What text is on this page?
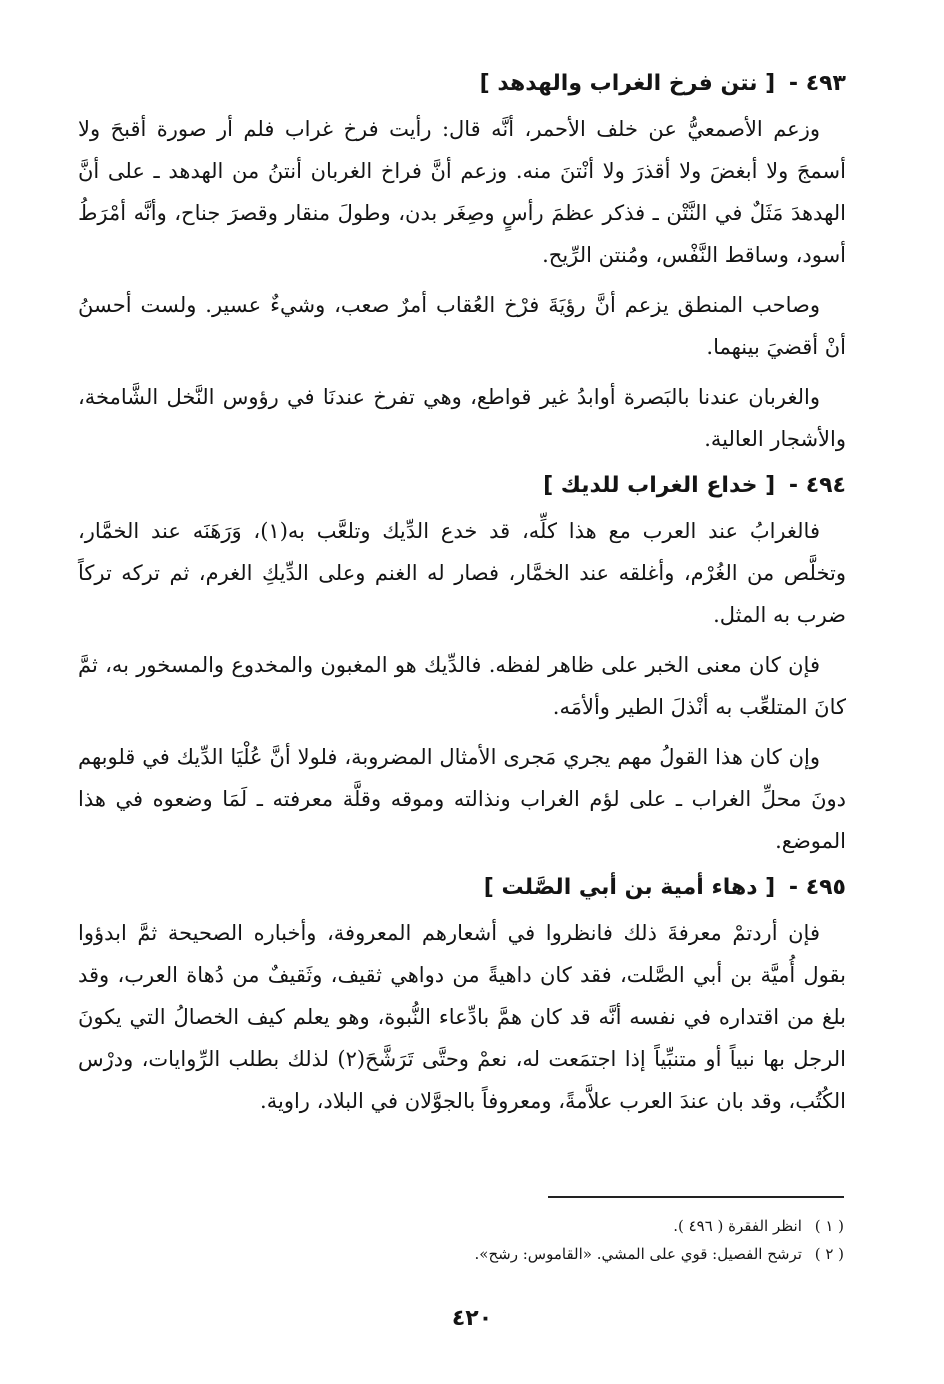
٤٩٣ - [ نتن فرخ الغراب والهدهد ]

وزعم الأصمعيُّ عن خلف الأحمر، أنَّه قال: رأيت فرخ غراب فلم أر صورة أقبحَ ولا أسمجَ ولا أبغضَ ولا أقذرَ ولا أنْتنَ منه. وزعم أنَّ فراخ الغربان أنتنُ من الهدهد ـ على أنَّ الهدهدَ مَثَلٌ في النَّتْن ـ فذكر عظمَ رأسٍ وصِغَر بدن، وطولَ منقار وقصرَ جناح، وأنَّه أمْرَطُ أسود، وساقط النَّفْس، ومُنتن الرِّيح.

وصاحب المنطق يزعم أنَّ رؤيَةَ فرْخ العُقاب أمرٌ صعب، وشيءٌ عسير. ولست أحسنُ أنْ أقضيَ بينهما.

والغربان عندنا بالبَصرة أوابدُ غير قواطع، وهي تفرخ عندنَا في رؤوس النَّخل الشَّامخة، والأشجار العالية.

٤٩٤ - [ خداع الغراب للديك ]

فالغرابُ عند العرب مع هذا كلِّه، قد خدع الدِّيك وتلعَّب به(١)، وَرَهَنَه عند الخمَّار، وتخلَّص من الغُرْم، وأغلقه عند الخمَّار، فصار له الغنم وعلى الدِّيكِ الغرم، ثم تركه تركاً ضرب به المثل.

فإن كان معنى الخبر على ظاهر لفظه. فالدِّيك هو المغبون والمخدوع والمسخور به، ثمَّ كانَ المتلعِّب به أنْذلَ الطير وألأمَه.

وإن كان هذا القولُ مهم يجري مَجرى الأمثال المضروبة، فلولا أنَّ عُلْيَا الدِّيك في قلوبهم دونَ محلِّ الغراب ـ على لؤم الغراب ونذالته وموقه وقلَّة معرفته ـ لَمَا وضعوه في هذا الموضع.

٤٩٥ - [ دهاء أمية بن أبي الصَّلت ]

فإن أردتمْ معرفةَ ذلك فانظروا في أشعارهم المعروفة، وأخباره الصحيحة ثمَّ ابدؤوا بقول أُميَّة بن أبي الصَّلت، فقد كان داهيةً من دواهي ثقيف، وثَقيفٌ من دُهاة العرب، وقد بلغ من اقتداره في نفسه أنَّه قد كان همَّ بادِّعاء النُّبوة، وهو يعلم كيف الخصالُ التي يكونَ الرجل بها نبياً أو متنبِّياً إذا اجتمَعت له، نعمْ وحتَّى تَرَشَّحَ(٢) لذلك بطلب الرِّوايات، ودرْس الكُتُب، وقد بان عندَ العرب علاَّمةً، ومعروفاً بالجوَّلان في البلاد، راوية.

( ١ ) انظر الفقرة ( ٤٩٦ ).

( ٢ ) ترشح الفصيل: قوي على المشي. «القاموس: رشح».

٤٢٠
